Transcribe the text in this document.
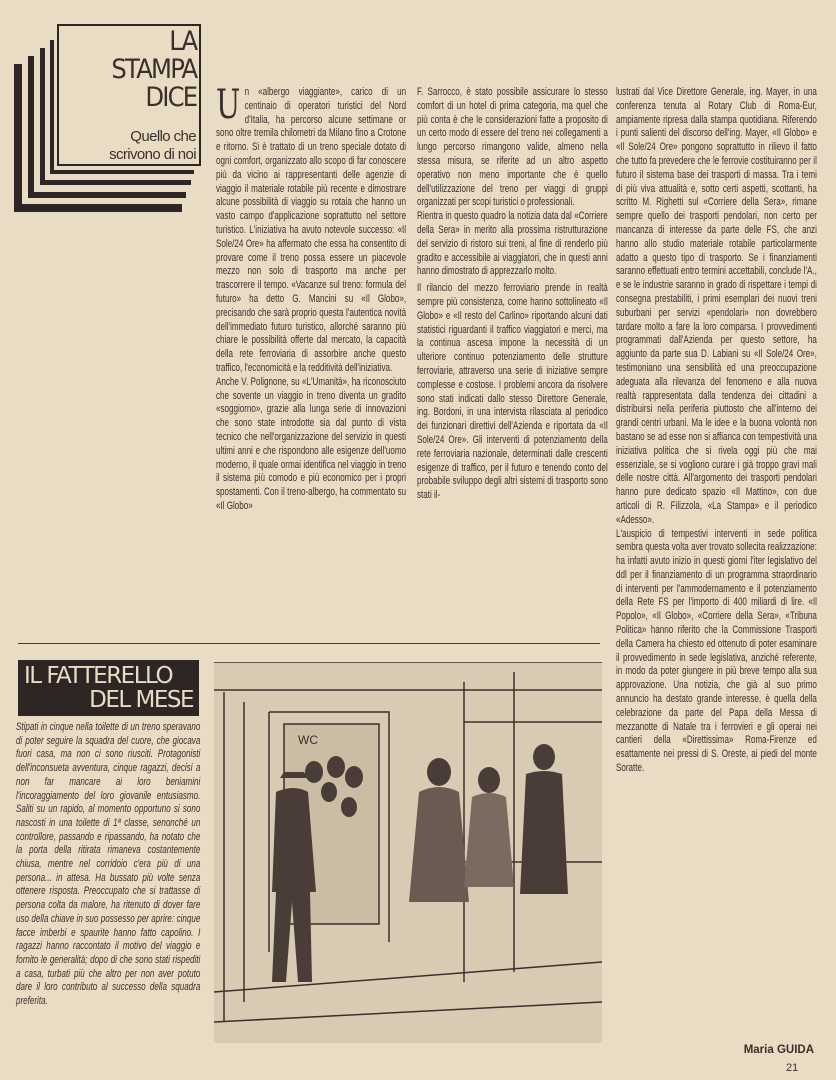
LA
STAMPA
DICE
Quello che
scrivono di noi

Un «albergo viaggiante», carico di un centinaio di operatori turistici del Nord d'Italia, ha percorso alcune settimane or sono oltre tremila chilometri da Milano fino a Crotone e ritorno. Si è trattato di un treno speciale dotato di ogni comfort, organizzato allo scopo di far conoscere più da vicino ai rappresentanti delle agenzie di viaggio il materiale rotabile più recente e dimostrare alcune possibilità di viaggio su rotaia che hanno un vasto campo d'applicazione soprattutto nel settore turistico. L'iniziativa ha avuto notevole successo: «Il Sole/24 Ore» ha affermato che essa ha consentito di provare come il treno possa essere un piacevole mezzo non solo di trasporto ma anche per trascorrere il tempo. «Vacanze sul treno: formula del futuro» ha detto G. Mancini su «Il Globo», precisando che sarà proprio questa l'autentica novità dell'immediato futuro turistico, allorché saranno più chiare le possibilità offerte dal mercato, la capacità della rete ferroviaria di assorbire anche questo traffico, l'economicità e la redditività dell'iniziativa.

Anche V. Polignone, su «L'Umanità», ha riconosciuto che sovente un viaggio in treno diventa un gradito «soggiorno», grazie alla lunga serie di innovazioni che sono state introdotte sia dal punto di vista tecnico che nell'organizzazione del servizio in questi ultimi anni e che rispondono alle esigenze dell'uomo moderno, il quale ormai identifica nel viaggio in treno il sistema più comodo e più economico per i propri spostamenti. Con il treno-albergo, ha commentato su «Il Globo»

F. Sarrocco, è stato possibile assicurare lo stesso comfort di un hotel di prima categoria, ma quel che più conta è che le considerazioni fatte a proposito di un certo modo di essere del treno nei collegamenti a lungo percorso rimangono valide, almeno nella stessa misura, se riferite ad un altro aspetto operativo non meno importante che è quello dell'utilizzazione del treno per viaggi di gruppi organizzati per scopi turistici o professionali.

Rientra in questo quadro la notizia data dal «Corriere della Sera» in merito alla prossima ristrutturazione del servizio di ristoro sui treni, al fine di renderlo più gradito e accessibile ai viaggiatori, che in questi anni hanno dimostrato di apprezzarlo molto.

Il rilancio del mezzo ferroviario prende in realtà sempre più consistenza, come hanno sottolineato «Il Globo» e «Il resto del Carlino» riportando alcuni dati statistici riguardanti il traffico viaggiatori e merci, ma la continua ascesa impone la necessità di un ulteriore continuo potenziamento delle strutture ferroviarie, attraverso una serie di iniziative sempre complesse e costose. I problemi ancora da risolvere sono stati indicati dallo stesso Direttore Generale, ing. Bordoni, in una intervista rilasciata al periodico dei funzionari direttivi dell'Azienda e riportata da «Il Sole/24 Ore». Gli interventi di potenziamento della rete ferroviaria nazionale, determinati dalle crescenti esigenze di traffico, per il futuro e tenendo conto del probabile sviluppo degli altri sistemi di trasporto sono stati il-

lustrati dal Vice Direttore Generale, ing. Mayer, in una conferenza tenuta al Rotary Club di Roma-Eur, ampiamente ripresa dalla stampa quotidiana. Riferendo i punti salienti del discorso dell'ing. Mayer, «Il Globo» e «Il Sole/24 Ore» pongono soprattutto in rilievo il fatto che tutto fa prevedere che le ferrovie costituiranno per il futuro il sistema base dei trasporti di massa. Tra i temi di più viva attualità e, sotto certi aspetti, scottanti, ha scritto M. Righetti sul «Corriere della Sera», rimane sempre quello dei trasporti pendolari, non certo per mancanza di interesse da parte delle FS, che anzi hanno allo studio materiale rotabile particolarmente adatto a questo tipo di trasporto. Se i finanziamenti saranno effettuati entro termini accettabili, conclude l'A., e se le industrie saranno in grado di rispettare i tempi di consegna prestabiliti, i primi esemplari dei nuovi treni suburbani per servizi «pendolari» non dovrebbero tardare molto a fare la loro comparsa. I provvedimenti programmati dall'Azienda per questo settore, ha aggiunto da parte sua D. Labiani su «Il Sole/24 Ore», testimoniano una sensibilità ed una preoccupazione adeguata alla rilevanza del fenomeno e alla nuova realtà rappresentata dalla tendenza dei cittadini a distribuirsi nella periferia piuttosto che all'interno dei grandi centri urbani. Ma le idee e la buona volontà non bastano se ad esse non si affianca con tempestività una iniziativa politica che si rivela oggi più che mai essenziale, se si vogliono curare i già troppo gravi mali delle nostre città. All'argomento dei trasporti pendolari hanno pure dedicato spazio «Il Mattino», con due articoli di R. Filizzola, «La Stampa» e il periodico «Adesso».

L'auspicio di tempestivi interventi in sede politica sembra questa volta aver trovato sollecita realizzazione: ha infatti avuto inizio in questi giorni l'iter legislativo del ddl per il finanziamento di un programma straordinario di interventi per l'ammodernamento e il potenziamento della Rete FS per l'importo di 400 miliardi di lire. «Il Popolo», «Il Globo», «Corriere della Sera», «Tribuna Politica» hanno riferito che la Commissione Trasporti della Camera ha chiesto ed ottenuto di poter esaminare il provvedimento in sede legislativa, anziché referente, in modo da poter giungere in più breve tempo alla sua approvazione. Una notizia, che già al suo primo annuncio ha destato grande interesse, è quella della celebrazione da parte del Papa della Messa di mezzanotte di Natale tra i ferrovieri e gli operai nei cantieri della «Direttissima» Roma-Firenze ed esattamente nei pressi di S. Oreste, ai piedi del monte Soratte.

IL FATTERELLO
DEL MESE
Stipati in cinque nella toilette di un treno speravano di poter seguire la squadra del cuore, che giocava fuori casa, ma non ci sono riusciti. Protagonisti dell'inconsueta avventura, cinque ragazzi, decisi a non far mancare ai loro beniamini l'incoraggiamento del loro giovanile entusiasmo. Saliti su un rapido, al momento opportuno si sono nascosti in una toilette di 1ª classe, senonché un controllore, passando e ripassando, ha notato che la porta della ritirata rimaneva costantemente chiusa, mentre nel corridoio c'era più di una persona... in attesa. Ha bussato più volte senza ottenere risposta. Preoccupato che si trattasse di persona colta da malore, ha ritenuto di dover fare uso della chiave in suo possesso per aprire: cinque facce imberbi e spaurite hanno fatto capolino. I ragazzi hanno raccontato il motivo del viaggio e fornito le generalità; dopo di che sono stati rispediti a casa, turbati più che altro per non aver potuto dare il loro contributo al successo della squadra preferita.
WC
Maria GUIDA
21
